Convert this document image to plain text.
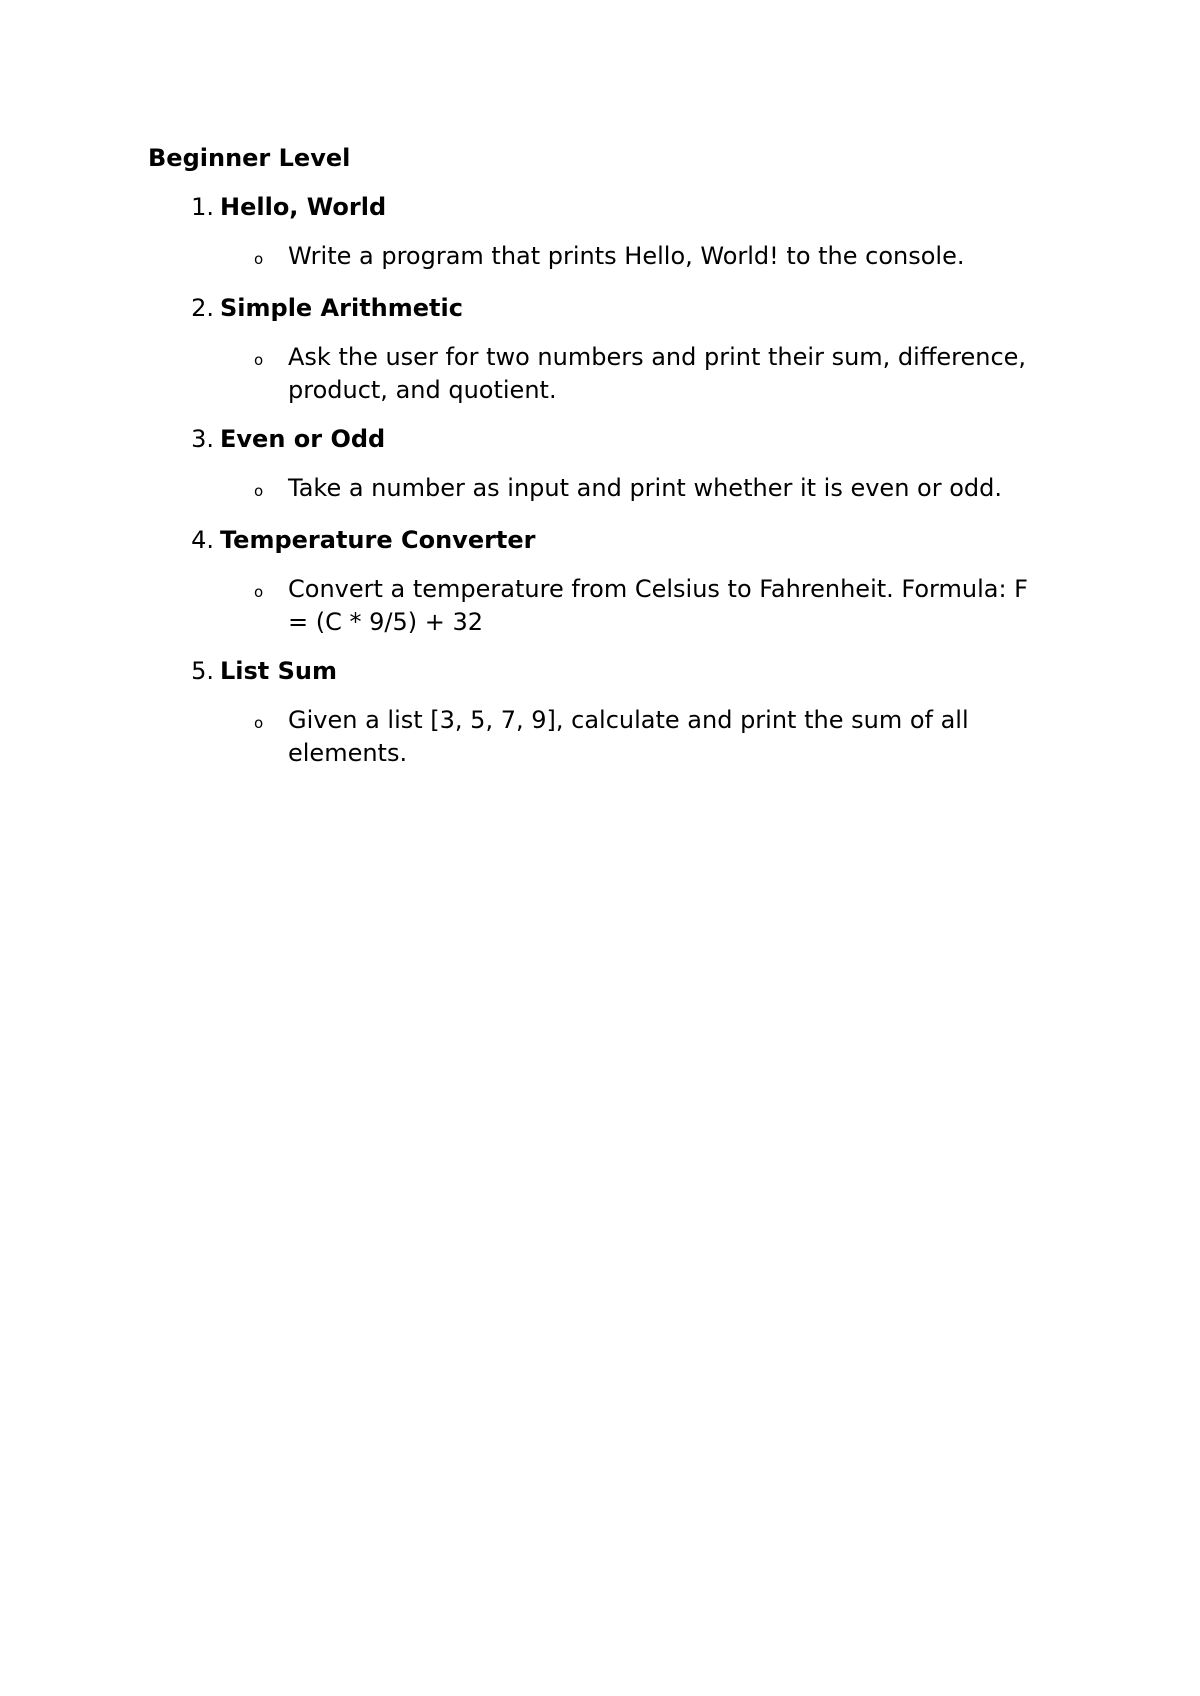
Beginner Level
1. Hello, World
o	Write a program that prints Hello, World! to the console.
2. Simple Arithmetic
o	Ask the user for two numbers and print their sum, difference, product, and quotient.
3. Even or Odd
o	Take a number as input and print whether it is even or odd.
4. Temperature Converter
o	Convert a temperature from Celsius to Fahrenheit. Formula: F = (C * 9/5) + 32
5. List Sum
o	Given a list [3, 5, 7, 9], calculate and print the sum of all elements.
